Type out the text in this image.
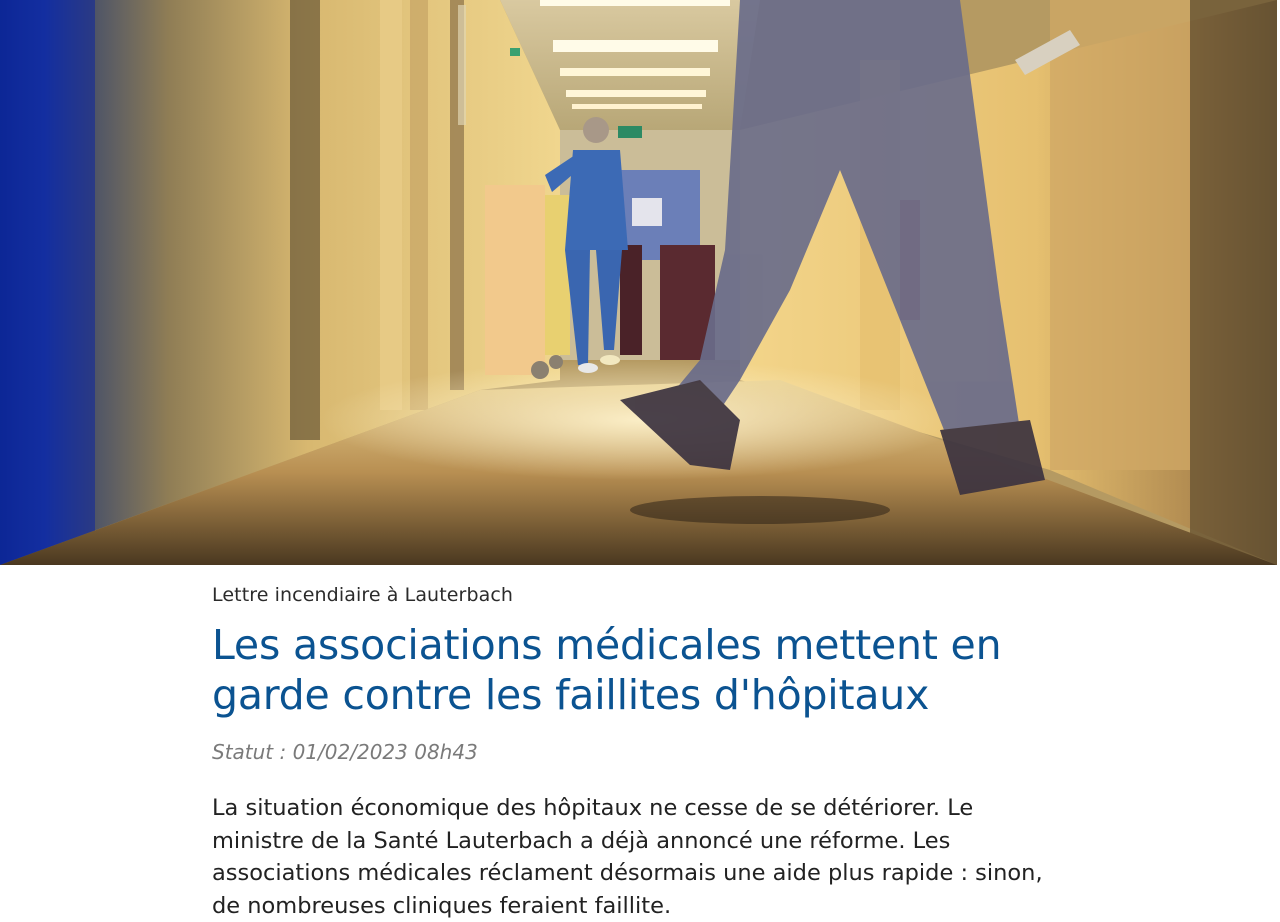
Lettre incendiaire à Lauterbach

Les associations médicales mettent en garde contre les faillites d'hôpitaux

Statut : 01/02/2023 08h43

La situation économique des hôpitaux ne cesse de se détériorer. Le ministre de la Santé Lauterbach a déjà annoncé une réforme. Les associations médicales réclament désormais une aide plus rapide : sinon, de nombreuses cliniques feraient faillite.
